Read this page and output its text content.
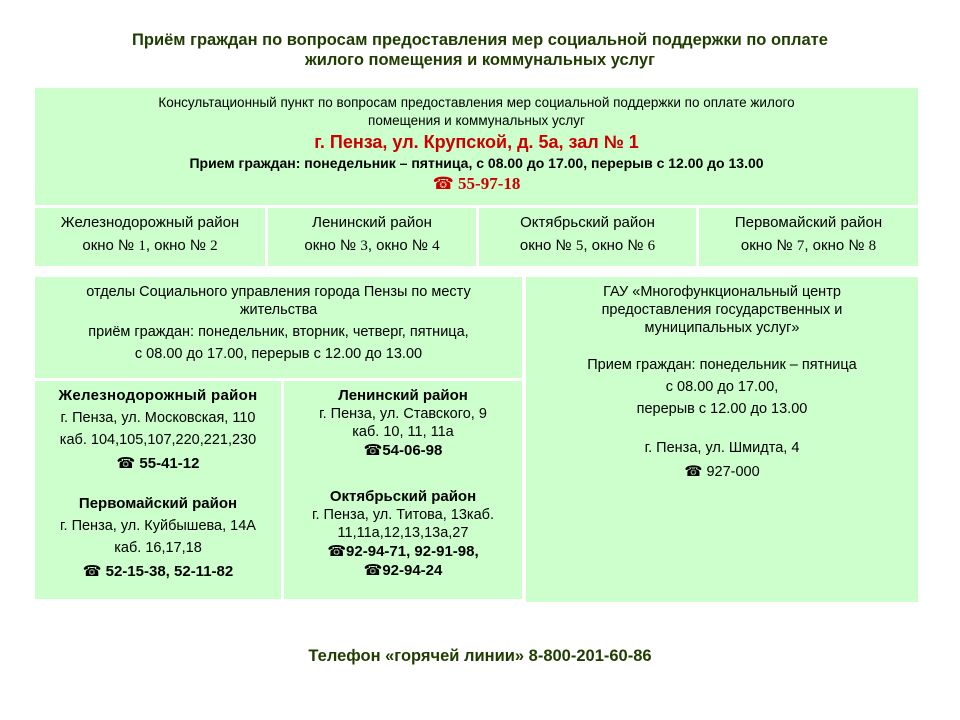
Приём граждан по вопросам предоставления мер социальной поддержки по оплате
жилого помещения и коммунальных услуг
Консультационный пункт по вопросам предоставления мер социальной поддержки по оплате жилого
помещения и коммунальных услуг
г. Пенза, ул. Крупской, д. 5а, зал № 1
Прием граждан: понедельник – пятница, с 08.00 до 17.00, перерыв с 12.00 до 13.00
☎ 55-97-18
Железнодорожный район
окно № 1, окно № 2
Ленинский район
окно № 3, окно № 4
Октябрьский район
окно № 5, окно № 6
Первомайский район
окно № 7, окно № 8
отделы Социального управления города Пензы по месту
жительства
приём граждан: понедельник, вторник, четверг, пятница,
с 08.00 до 17.00, перерыв с 12.00 до 13.00
Железнодорожный район
г. Пенза, ул. Московская, 110
каб. 104,105,107,220,221,230
☎ 55-41-12
Первомайский район
г. Пенза, ул. Куйбышева, 14А
каб. 16,17,18
☎ 52-15-38, 52-11-82
Ленинский район
г. Пенза, ул. Ставского, 9
каб. 10, 11, 11а
☎54-06-98
Октябрьский район
г. Пенза, ул. Титова, 13каб.
11,11а,12,13,13а,27
☎92-94-71, 92-91-98,
☎92-94-24
ГАУ «Многофункциональный центр
предоставления государственных и
муниципальных услуг»
Прием граждан: понедельник – пятница
с 08.00 до 17.00,
перерыв с 12.00 до 13.00
г. Пенза, ул. Шмидта, 4
☎ 927-000
Телефон «горячей линии» 8-800-201-60-86
